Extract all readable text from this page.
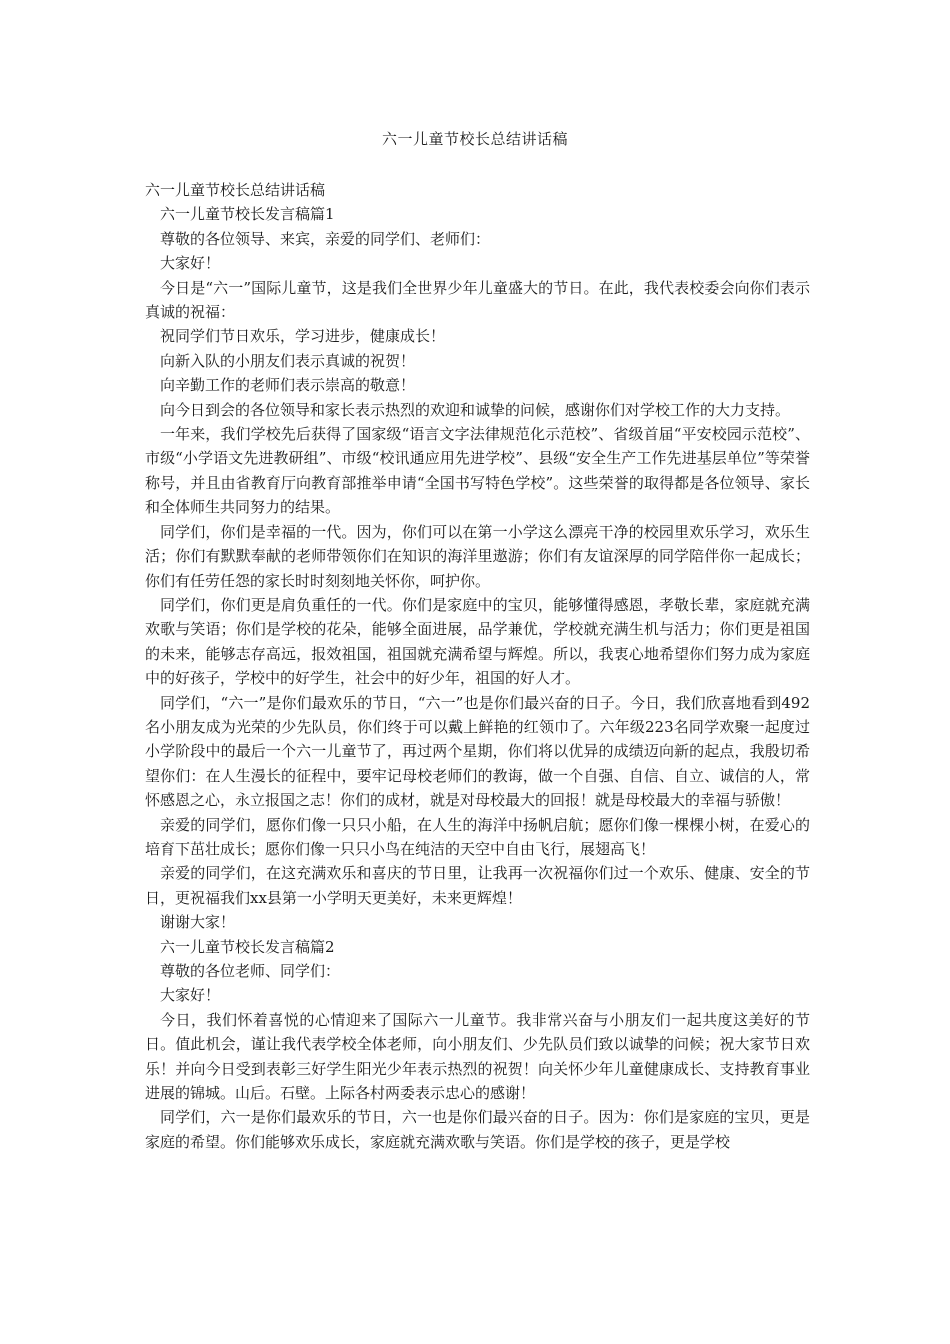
六一儿童节校长总结讲话稿

六一儿童节校长总结讲话稿

六一儿童节校长发言稿篇1

尊敬的各位领导、来宾，亲爱的同学们、老师们：

大家好！

今日是“六一”国际儿童节，这是我们全世界少年儿童盛大的节日。在此，我代表校委会向你们表示真诚的祝福：

祝同学们节日欢乐，学习进步，健康成长！

向新入队的小朋友们表示真诚的祝贺！

向辛勤工作的老师们表示崇高的敬意！

向今日到会的各位领导和家长表示热烈的欢迎和诚挚的问候，感谢你们对学校工作的大力支持。

一年来，我们学校先后获得了国家级“语言文字法律规范化示范校”、省级首届“平安校园示范校”、市级“小学语文先进教研组”、市级“校讯通应用先进学校”、县级“安全生产工作先进基层单位”等荣誉称号，并且由省教育厅向教育部推举申请“全国书写特色学校”。这些荣誉的取得都是各位领导、家长和全体师生共同努力的结果。

同学们，你们是幸福的一代。因为，你们可以在第一小学这么漂亮干净的校园里欢乐学习，欢乐生活；你们有默默奉献的老师带领你们在知识的海洋里遨游；你们有友谊深厚的同学陪伴你一起成长；你们有任劳任怨的家长时时刻刻地关怀你，呵护你。

同学们，你们更是肩负重任的一代。你们是家庭中的宝贝，能够懂得感恩，孝敬长辈，家庭就充满欢歌与笑语；你们是学校的花朵，能够全面进展，品学兼优，学校就充满生机与活力；你们更是祖国的未来，能够志存高远，报效祖国，祖国就充满希望与辉煌。所以，我衷心地希望你们努力成为家庭中的好孩子，学校中的好学生，社会中的好少年，祖国的好人才。

同学们，“六一”是你们最欢乐的节日，“六一”也是你们最兴奋的日子。今日，我们欣喜地看到492名小朋友成为光荣的少先队员，你们终于可以戴上鲜艳的红领巾了。六年级223名同学欢聚一起度过小学阶段中的最后一个六一儿童节了，再过两个星期，你们将以优异的成绩迈向新的起点，我殷切希望你们：在人生漫长的征程中，要牢记母校老师们的教诲，做一个自强、自信、自立、诚信的人，常怀感恩之心，永立报国之志！你们的成材，就是对母校最大的回报！就是母校最大的幸福与骄傲！

亲爱的同学们，愿你们像一只只小船，在人生的海洋中扬帆启航；愿你们像一棵棵小树，在爱心的培育下茁壮成长；愿你们像一只只小鸟在纯洁的天空中自由飞行，展翅高飞！

亲爱的同学们，在这充满欢乐和喜庆的节日里，让我再一次祝福你们过一个欢乐、健康、安全的节日，更祝福我们xx县第一小学明天更美好，未来更辉煌！

谢谢大家！

六一儿童节校长发言稿篇2

尊敬的各位老师、同学们：

大家好！

今日，我们怀着喜悦的心情迎来了国际六一儿童节。我非常兴奋与小朋友们一起共度这美好的节日。值此机会，谨让我代表学校全体老师，向小朋友们、少先队员们致以诚挚的问候；祝大家节日欢乐！并向今日受到表彰三好学生阳光少年表示热烈的祝贺！向关怀少年儿童健康成长、支持教育事业进展的锦城。山后。石壁。上际各村两委表示忠心的感谢！

同学们，六一是你们最欢乐的节日，六一也是你们最兴奋的日子。因为：你们是家庭的宝贝，更是家庭的希望。你们能够欢乐成长，家庭就充满欢歌与笑语。你们是学校的孩子，更是学校
